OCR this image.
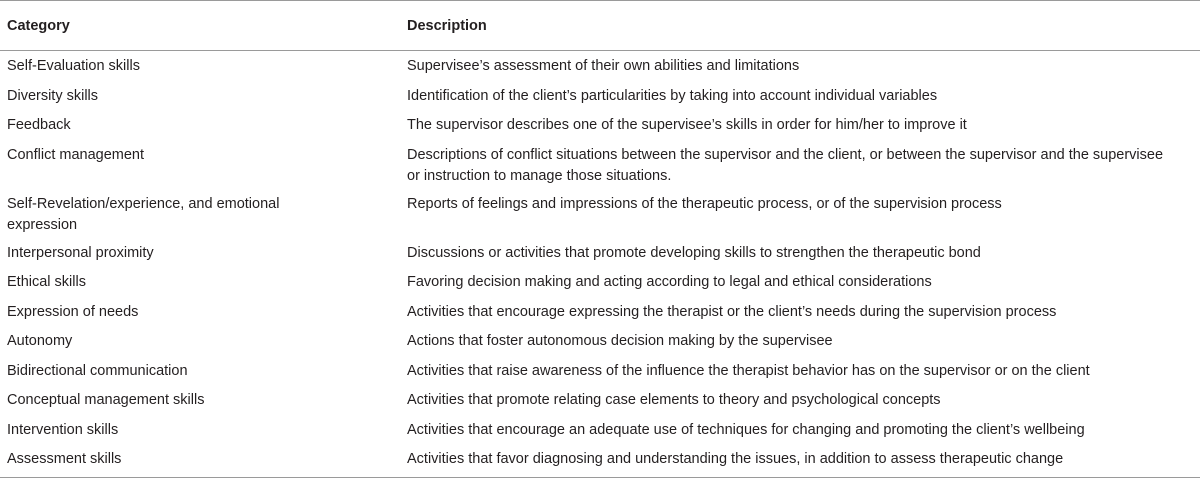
Category	Description
Self-Evaluation skills	Supervisee’s assessment of their own abilities and limitations
Diversity skills	Identification of the client’s particularities by taking into account individual variables
Feedback	The supervisor describes one of the supervisee’s skills in order for him/her to improve it
Conflict management	Descriptions of conflict situations between the supervisor and the client, or between the supervisor and the supervisee or instruction to manage those situations.
Self-Revelation/experience, and emotional expression	Reports of feelings and impressions of the therapeutic process, or of the supervision process
Interpersonal proximity	Discussions or activities that promote developing skills to strengthen the therapeutic bond
Ethical skills	Favoring decision making and acting according to legal and ethical considerations
Expression of needs	Activities that encourage expressing the therapist or the client’s needs during the supervision process
Autonomy	Actions that foster autonomous decision making by the supervisee
Bidirectional communication	Activities that raise awareness of the influence the therapist behavior has on the supervisor or on the client
Conceptual management skills	Activities that promote relating case elements to theory and psychological concepts
Intervention skills	Activities that encourage an adequate use of techniques for changing and promoting the client’s wellbeing
Assessment skills	Activities that favor diagnosing and understanding the issues, in addition to assess therapeutic change
